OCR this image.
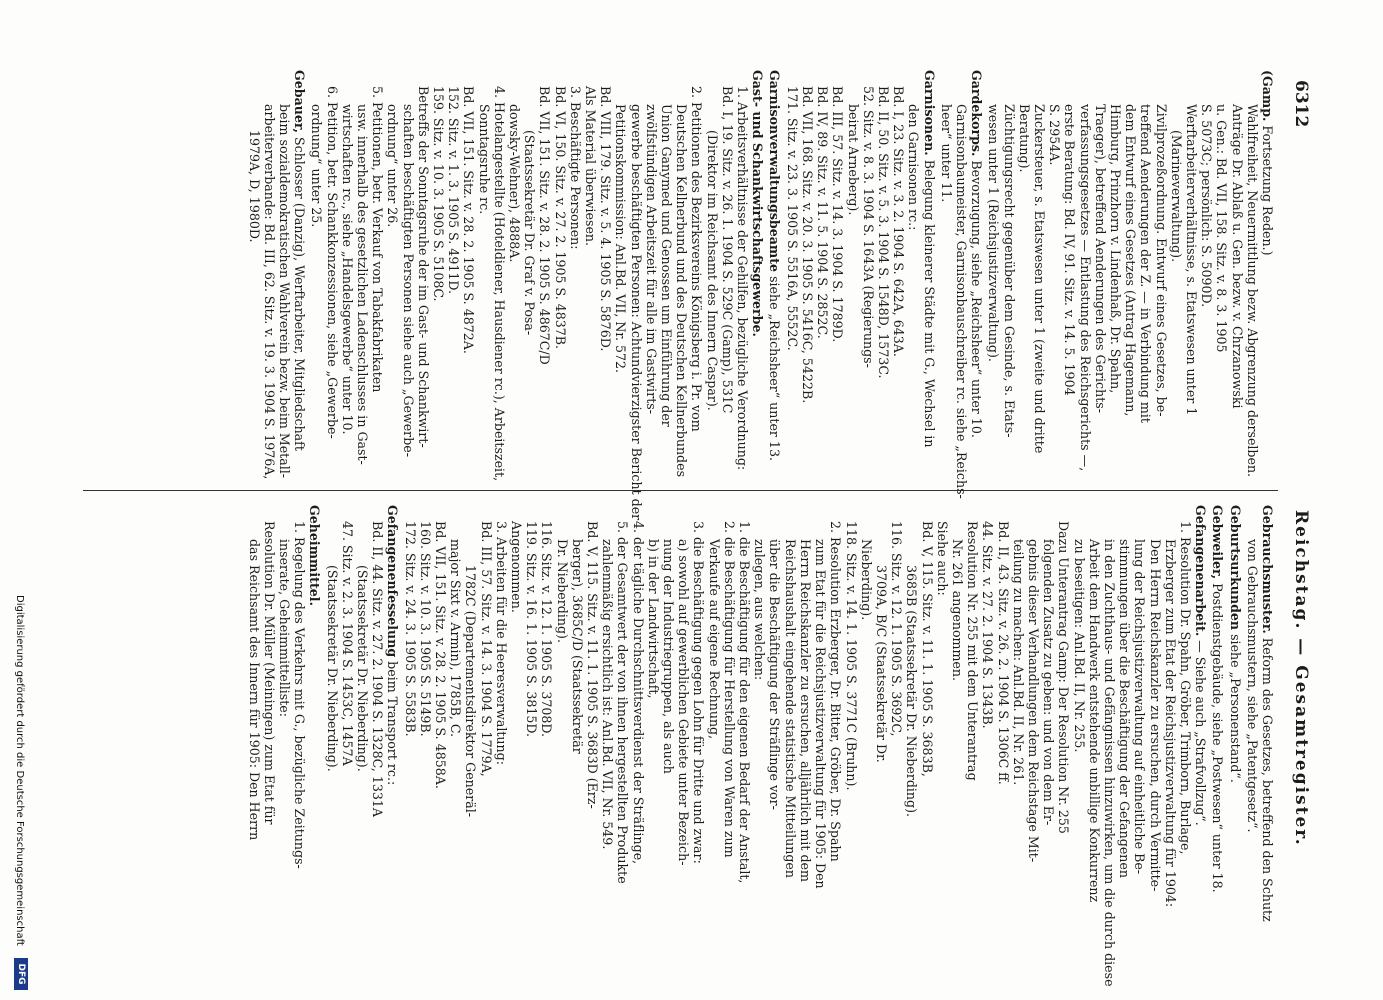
6312
Reichstag. — Gesamtregister.
(Gamp. Fortsetzung Reden.)
Wahlfreiheit, Neuermittlung bezw. Abgrenzung derselben.
Anträge Dr. Ablaß u. Gen. bezw. v. Chrzanowski
u. Gen.: Bd. VII, 158. Sitz. v. 8. 3. 1905
S. 5073C; persönlich: S. 5090D.
Werftarbeiterverhältnisse, s. Etatswesen unter 1
(Marineverwaltung).
Zivilprozeßordnung. Entwurf eines Gesetzes, be-
treffend Aenderungen der Z. — in Verbindung mit
dem Entwurf eines Gesetzes (Antrag Hagemann,
Himburg, Prinzhorn v. Lindenhaß, Dr. Spahn,
Traeger), betreffend Aenderungen des Gerichts-
verfassungsgesetzes — Entlastung des Reichsgerichts —,
erste Beratung: Bd. IV, 91. Sitz. v. 14. 5. 1904
S. 2954A.
Zuckersteuer, s. Etatswesen unter 1 (zweite und dritte
Beratung).
Züchtigungsrecht gegenüber dem Gesinde, s. Etats-
wesen unter 1 (Reichsjustizverwaltung).
Gardekorps. Bevorzugung, siehe „Reichsheer“ unter 10.
Garnisonbaumeister, Garnisonbauschreiber rc. siehe „Reichs-
heer“ unter 11.
Garnisonen. Belegung kleinerer Städte mit G., Wechsel in
den Garnisonen rc.:
Bd. I, 23. Sitz. v. 3. 2. 1904 S. 642A, 643A.
Bd. II, 50. Sitz. v. 5. 3. 1904 S. 1548D, 1573C.
52. Sitz. v. 8. 3. 1904 S. 1643A (Regierungs-
beirat Arneberg).
Bd. III, 57. Sitz. v. 14. 3. 1904 S. 1789D.
Bd. IV, 89. Sitz. v. 11. 5. 1904 S. 2852C.
Bd. VII, 168. Sitz. v. 20. 3. 1905 S. 5416C, 5422B.
171. Sitz. v. 23. 3. 1905 S. 5516A, 5552C.
Garnisonverwaltungsbeamte siehe „Reichsheer“ unter 13.
Gast- und Schankwirtschaftsgewerbe.
1. Arbeitsverhältnisse der Gehilfen, bezügliche Verordnung:
Bd. I, 19. Sitz. v. 26. 1. 1904 S. 529C (Gamp), 531C
(Direktor im Reichsamt des Innern Caspar).
2. Petitionen des Bezirksvereins Königsberg i. Pr. vom
Deutschen Kellnerbund und des Deutschen Kellnerbundes
Union Ganymed und Genossen um Einführung der
zwölfstündigen Arbeitszeit für alle im Gastwirts-
gewerbe beschäftigten Personen: Achtundvierzigster Bericht der
Petitionskommission: Anl.Bd. VII, Nr. 572.
Bd. VIII, 179. Sitz. v. 5. 4. 1905 S. 5876D.
Als Material überwiesen.
3. Beschäftigte Personen:
Bd. VI, 150. Sitz. v. 27. 2. 1905 S. 4837B.
Bd. VII, 151. Sitz. v. 28. 2. 1905 S. 4867C/D
(Staatssekretär Dr. Graf v. Posa-
dowsky-Wehner), 4888A.
4. Hotelangestellte (Hoteldiener, Hausdiener rc.), Arbeitszeit,
Sonntagsruhe rc.
Bd. VII, 151. Sitz. v. 28. 2. 1905 S. 4872A.
152. Sitz. v. 1. 3. 1905 S. 4911D.
159. Sitz. v. 10. 3. 1905 S. 5108C.
Betreffs der Sonntagsruhe der im Gast- und Schankwirt-
schaften beschäftigten Personen siehe auch „Gewerbe-
ordnung“ unter 26.
5. Petitionen, betr. Verkauf von Tabakfabrikaten
usw. innerhalb des gesetzlichen Ladenschlusses in Gast-
wirtschaften rc., siehe „Handelsgewerbe“ unter 10.
6. Petition, betr. Schankkonzessionen, siehe „Gewerbe-
ordnung“ unter 25.
Gebauer, Schlosser (Danzig), Werftarbeiter, Mitgliedschaft
beim sozialdemokratischen Wahlverein bezw. beim Metall-
arbeiterverbande: Bd. III, 62. Sitz. v. 19. 3. 1904 S. 1976A,
1979A, D, 1980D.
Gebrauchsmuster. Reform des Gesetzes, betreffend den Schutz
von Gebrauchsmustern, siehe „Patentgesetz“.
Geburtsurkunden siehe „Personenstand“.
Gebweiler, Postdienstgebäude, siehe „Postwesen“ unter 18.
Gefangenenarbeit. — Siehe auch „Strafvollzug“.
1. Resolution Dr. Spahn, Gröber, Trimborn, Burlage,
Erzberger zum Etat der Reichsjustizverwaltung für 1904:
Den Herrn Reichskanzler zu ersuchen, durch Vermitte-
lung der Reichsjustizverwaltung auf einheitliche Be-
stimmungen über die Beschäftigung der Gefangenen
in den Zuchthaus- und Gefängnissen hinzuwirken, um die durch diese
Arbeit dem Handwerk entstehende unbillige Konkurrenz
zu beseitigen: Anl.Bd. II, Nr. 255.
Dazu Unterantrag Gamp: Der Resolution Nr. 255
folgenden Zusatz zu geben: und von dem Er-
gebnis dieser Verhandlungen dem Reichstage Mit-
teilung zu machen: Anl.Bd. II, Nr. 261.
Bd. II, 43. Sitz. v. 26. 2. 1904 S. 1306C ff.
44. Sitz. v. 27. 2. 1904 S. 1343B.
Resolution Nr. 255 mit dem Unterantrag
Nr. 261 angenommen.
Siehe auch:
Bd. V, 115. Sitz. v. 11. 1. 1905 S. 3683B,
3685B (Staatssekretär Dr. Nieberding).
116. Sitz. v. 12. 1. 1905 S. 3692C,
3709A, B/C (Staatssekretär Dr.
Nieberding).
118. Sitz. v. 14. 1. 1905 S. 3771C (Bruhn).
2. Resolution Erzberger, Dr. Bitter, Gröber, Dr. Spahn
zum Etat für die Reichsjustizverwaltung für 1905: Den
Herrn Reichskanzler zu ersuchen, alljährlich mit dem
Reichshaushalt eingehende statistische Mitteilungen
über die Beschäftigung der Sträflinge vor-
zulegen, aus welchen:
1. die Beschäftigung für den eigenen Bedarf der Anstalt,
2. die Beschäftigung für Herstellung von Waren zum
Verkaufe auf eigene Rechnung,
3. die Beschäftigung gegen Lohn für Dritte und zwar:
a) sowohl auf gewerblichen Gebiete unter Bezeich-
nung der Industriegruppen, als auch
b) in der Landwirtschaft,
4. der tägliche Durchschnittsverdienst der Sträflinge,
5. der Gesamtwert der von ihnen hergestellten Produkte
zahlenmäßig ersichtlich ist: Anl.Bd. VII, Nr. 549.
Bd. V, 115. Sitz. v. 11. 1. 1905 S. 3683D (Erz-
berger), 3685C/D (Staatssekretär
Dr. Nieberding).
116. Sitz. v. 12. 1. 1905 S. 3708D.
119. Sitz. v. 16. 1. 1905 S. 3815D.
Angenommen.
3. Arbeiten für die Heeresverwaltung:
Bd. III, 57. Sitz. v. 14. 3. 1904 S. 1779A,
1782C (Departementsdirektor Generäl-
major Sixt v. Armin), 1785B, C.
Bd. VII, 151. Sitz. v. 28. 2. 1905 S. 4858A.
160. Sitz. v. 10. 3. 1905 S. 5149B.
172. Sitz. v. 24. 3. 1905 S. 5583B.
Gefangenenfesselung beim Transport rc.:
Bd. II, 44. Sitz. v. 27. 2. 1904 S. 1328C, 1331A
(Staatssekretär Dr. Nieberding).
47. Sitz. v. 2. 3. 1904 S. 1453C, 1457A
(Staatssekretär Dr. Nieberding).
Geheimmittel.
1. Regelung des Verkehrs mit G., bezügliche Zeitungs-
inserate, Geheimmittelliste:
Resolution Dr. Müller (Meiningen) zum Etat für
das Reichsamt des Innern für 1905: Den Herrn
Digitalisierung gefördert durch die Deutsche Forschungsgemeinschaft
DFG
